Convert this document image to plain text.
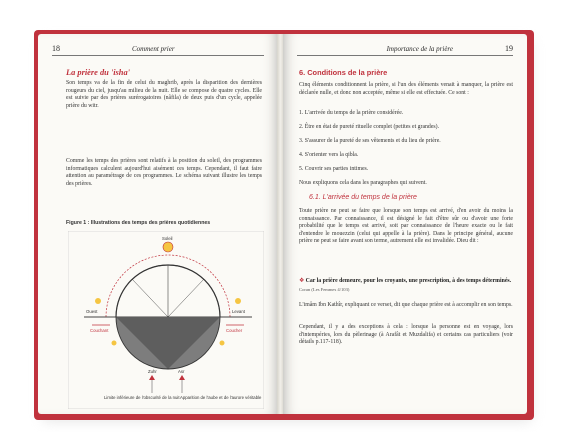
18	Comment prier
La prière du 'isha'
Son temps va de la fin de celui du maghrib, après la disparition des dernières rougeurs du ciel, jusqu'au milieu de la nuit. Elle se compose de quatre cycles. Elle est suivie par des prières surérogatoires (nâfila) de deux puis d'un cycle, appelée prière du witr.
Comme les temps des prières sont relatifs à la position du soleil, des programmes informatiques calculent aujourd'hui aisément ces temps. Cependant, il faut faire attention au paramétrage de ces programmes. Le schéma suivant illustre les temps des prières.
Figure 1 : Illustrations des temps des prières quotidiennes
Soleil
Ouest	Levant
Couchant	Coucher
Zuhr	Asr
Limite inférieure de l'obscurité de la nuit Apparition de l'aube et de l'aurore véritable
Importance de la prière	19
6. Conditions de la prière
Cinq éléments conditionnent la prière, si l'un des éléments venait à manquer, la prière est déclarée nulle, et donc non acceptée, même si elle est effectuée. Ce sont :
1. L'arrivée du temps de la prière considérée.
2. Être en état de pureté rituelle complet (petites et grandes).
3. S'assurer de la pureté de ses vêtements et du lieu de prière.
4. S'orienter vers la qibla.
5. Couvrir ses parties intimes.
Nous expliquons cela dans les paragraphes qui suivent.
6.1. L'arrivée du temps de la prière
Toute prière ne peut se faire que lorsque son temps est arrivé, d'en avoir du moins la connaissance. Par connaissance, il est désigné le fait d'être sûr ou d'avoir une forte probabilité que le temps est arrivé, soit par connaissance de l'heure exacte ou le fait d'entendre le mouezzin (celui qui appelle à la prière). Dans le principe général, aucune prière ne peut se faire avant son terme, autrement elle est invalidée. Dieu dit :
❖ Car la prière demeure, pour les croyants, une prescription, à des temps déterminés. Coran (Les Femmes 4/103)
L'imâm Ibn Kathîr, expliquant ce verset, dit que chaque prière est à accomplir en son temps.
Cependant, il y a des exceptions à cela : lorsque la personne est en voyage, lors d'intempéries, lors du pèlerinage (à Arafât et Muzdalifa) et certains cas particuliers (voir détails p.117-118).
